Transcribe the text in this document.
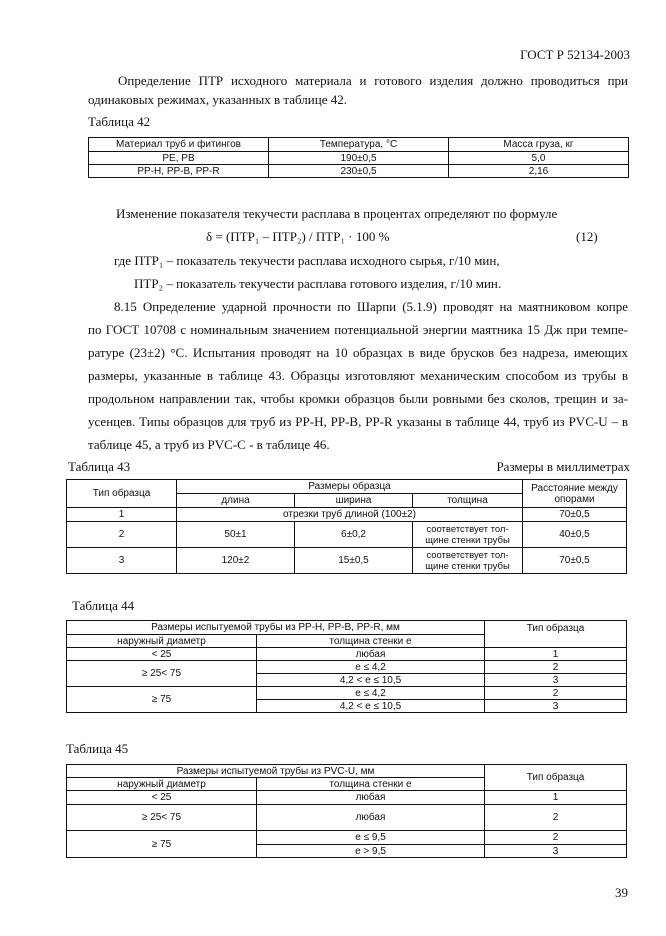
ГОСТ Р 52134-2003
Определение ПТР исходного материала и готового изделия должно проводиться при
одинаковых режимах, указанных в таблице 42.
Таблица 42
Материал труб и фитингов	Температура, °С	Масса груза, кг
PE, PB	190±0,5	5,0
PP-H, PP-B, PP-R	230±0,5	2,16
Изменение показателя текучести расплава в процентах определяют по формуле
δ = (ПТР₁ – ПТР₂) / ПТР₁ · 100 %	(12)
где ПТР₁ – показатель текучести расплава исходного сырья, г/10 мин,
ПТР₂ – показатель текучести расплава готового изделия, г/10 мин.
8.15 Определение ударной прочности по Шарпи (5.1.9) проводят на маятниковом копре
по ГОСТ 10708 с номинальным значением потенциальной энергии маятника 15 Дж при темпе-
ратуре (23±2) °С. Испытания проводят на 10 образцах в виде брусков без надреза, имеющих
размеры, указанные в таблице 43. Образцы изготовляют механическим способом из трубы в
продольном направлении так, чтобы кромки образцов были ровными без сколов, трещин и за-
усенцев. Типы образцов для труб из PP-H, PP-B, PP-R указаны в таблице 44, труб из PVC-U – в
таблице 45, а труб из PVC-C - в таблице 46.
Таблица 43	Размеры в миллиметрах
Тип образца	Размеры образца			Расстояние между опорами
	длина	ширина	толщина	
1	отрезки труб длиной (100±2)			70±0,5
2	50±1	6±0,2	соответствует тол-щине стенки трубы	40±0,5
3	120±2	15±0,5	соответствует тол-щине стенки трубы	70±0,5
Таблица 44
Размеры испытуемой трубы из PP-H, PP-B, PP-R, мм		Тип образца
наружный диаметр	толщина стенки e	
< 25	любая	1
≥ 25< 75	e ≤ 4,2	2
	4,2 < e ≤ 10,5	3
≥ 75	e ≤ 4,2	2
	4,2 < e ≤ 10,5	3
Таблица 45
Размеры испытуемой трубы из PVC-U, мм		Тип образца
наружный диаметр	толщина стенки e	
< 25	любая	1
≥ 25< 75	любая	2
≥ 75	e ≤ 9,5	2
	e > 9,5	3
39
